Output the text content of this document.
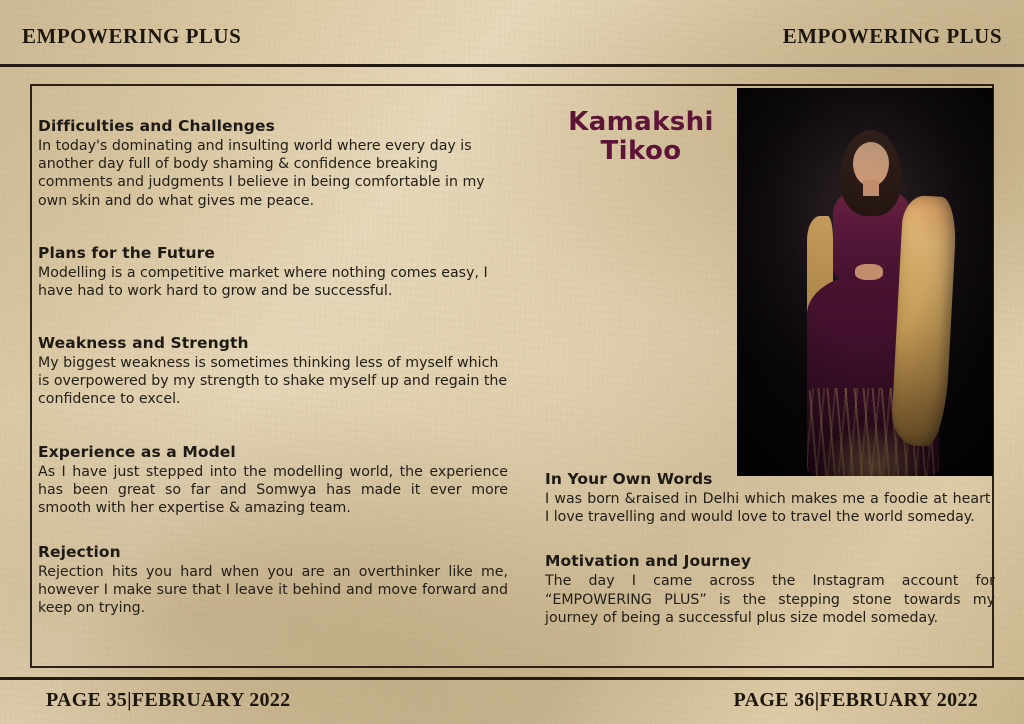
EMPOWERING PLUS	EMPOWERING PLUS
Difficulties and Challenges

In today's dominating and insulting world where every day is another day full of body shaming & confidence breaking comments and judgments I believe in being comfortable in my own skin and do what gives me peace.

Plans for the Future

Modelling is a competitive market where nothing comes easy, I have had to work hard to grow and be successful.

Weakness and Strength

My biggest weakness is sometimes thinking less of myself which is overpowered by my strength to shake myself up and regain the confidence to excel.

Experience as a Model

As I have just stepped into the modelling world, the experience has been great so far and Somwya has made it ever more smooth with her expertise & amazing team.

Rejection

Rejection hits you hard when you are an overthinker like me, however I make sure that I leave it behind and move forward and keep on trying.

Kamakshi
Tikoo
In Your Own Words

I was born &raised in Delhi which makes me a foodie at heart. I love travelling and would love to travel the world someday.

Motivation and Journey

The day I came across the Instagram account for “EMPOWERING PLUS” is the stepping stone towards my journey of being a successful plus size model someday.

PAGE 35|FEBRUARY 2022	PAGE 36|FEBRUARY 2022
